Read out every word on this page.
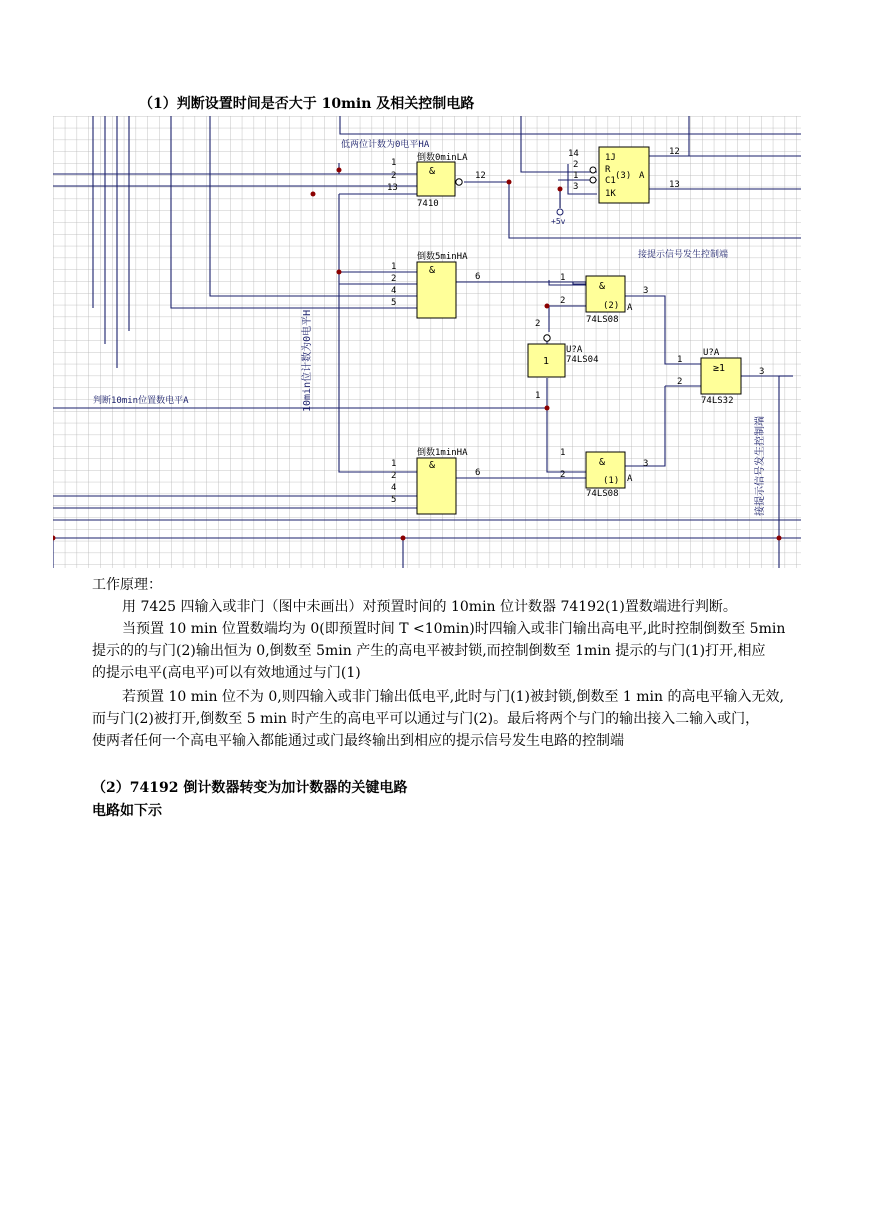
（1）判断设置时间是否大于 10min 及相关控制电路
倒数0minLA
&
7410
1
2
13
12
倒数5minHA
&
1
2
4
5
6
倒数1minHA
&
1
2
4
5
6
&
(2) A
74LS08
1
2
3
&
(1) A
74LS08
1
2
3
1
U?A
74LS04
2
1
≥1
U?A
74LS32
1
2
3
1J
R
C1
1K
(3) A
14
2
1
3
12
13
+5v
低两位计数为0电平HA
判断10min位置数电平A
接提示信号发生控制端
10min位计数为0电平H
接提示信号发生控制端
工作原理：
用 7425 四输入或非门（图中未画出）对预置时间的 10min 位计数器 74192(1)置数端进行判断。
当预置 10 min 位置数端均为 0(即预置时间 T <10min)时四输入或非门输出高电平,此时控制倒数至 5min
提示的的与门(2)输出恒为 0,倒数至 5min 产生的高电平被封锁,而控制倒数至 1min 提示的与门(1)打开,相应
的提示电平(高电平)可以有效地通过与门(1)
若预置 10 min 位不为 0,则四输入或非门输出低电平,此时与门(1)被封锁,倒数至 1 min 的高电平输入无效,
而与门(2)被打开,倒数至 5 min 时产生的高电平可以通过与门(2)。最后将两个与门的输出接入二输入或门，
使两者任何一个高电平输入都能通过或门最终输出到相应的提示信号发生电路的控制端
（2）74192 倒计数器转变为加计数器的关键电路
电路如下示
